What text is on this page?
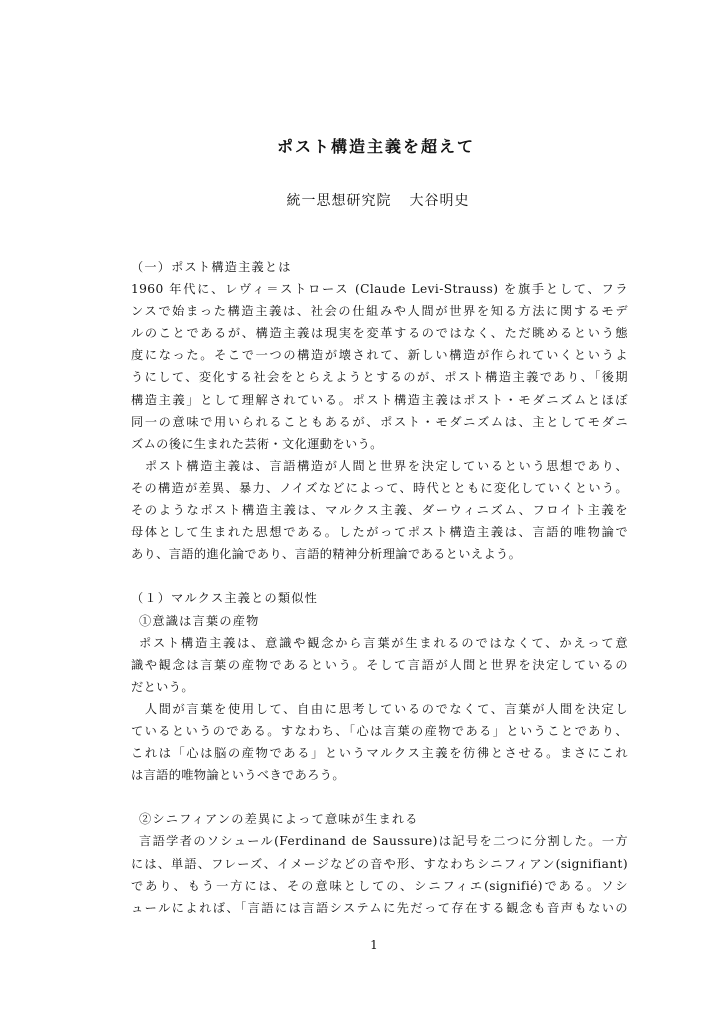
ポスト構造主義を超えて
統一思想研究院 大谷明史
（一）ポスト構造主義とは
1960 年代に、レヴィ＝ストロース (Claude Levi-Strauss) を旗手として、フラ
ンスで始まった構造主義は、社会の仕組みや人間が世界を知る方法に関するモデ
ルのことであるが、構造主義は現実を変革するのではなく、ただ眺めるという態
度になった。そこで一つの構造が壊されて、新しい構造が作られていくというよ
うにして、変化する社会をとらえようとするのが、ポスト構造主義であり、「後期
構造主義」として理解されている。ポスト構造主義はポスト・モダニズムとほぼ
同一の意味で用いられることもあるが、ポスト・モダニズムは、主としてモダニ
ズムの後に生まれた芸術・文化運動をいう。
　ポスト構造主義は、言語構造が人間と世界を決定しているという思想であり、
その構造が差異、暴力、ノイズなどによって、時代とともに変化していくという。
そのようなポスト構造主義は、マルクス主義、ダーウィニズム、フロイト主義を
母体として生まれた思想である。したがってポスト構造主義は、言語的唯物論で
あり、言語的進化論であり、言語的精神分析理論であるといえよう。
（１）マルクス主義との類似性
①意識は言葉の産物
ポスト構造主義は、意識や観念から言葉が生まれるのではなくて、かえって意
識や観念は言葉の産物であるという。そして言語が人間と世界を決定しているの
だという。
　人間が言葉を使用して、自由に思考しているのでなくて、言葉が人間を決定し
ているというのである。すなわち、「心は言葉の産物である」ということであり、
これは「心は脳の産物である」というマルクス主義を彷彿とさせる。まさにこれ
は言語的唯物論というべきであろう。
②シニフィアンの差異によって意味が生まれる
言語学者のソシュール(Ferdinand de Saussure)は記号を二つに分割した。一方
には、単語、フレーズ、イメージなどの音や形、すなわちシニフィアン(signifiant)
であり、もう一方には、その意味としての、シニフィエ(signifié)である。ソシ
ュールによれば、「言語には言語システムに先だって存在する観念も音声もないの
1
